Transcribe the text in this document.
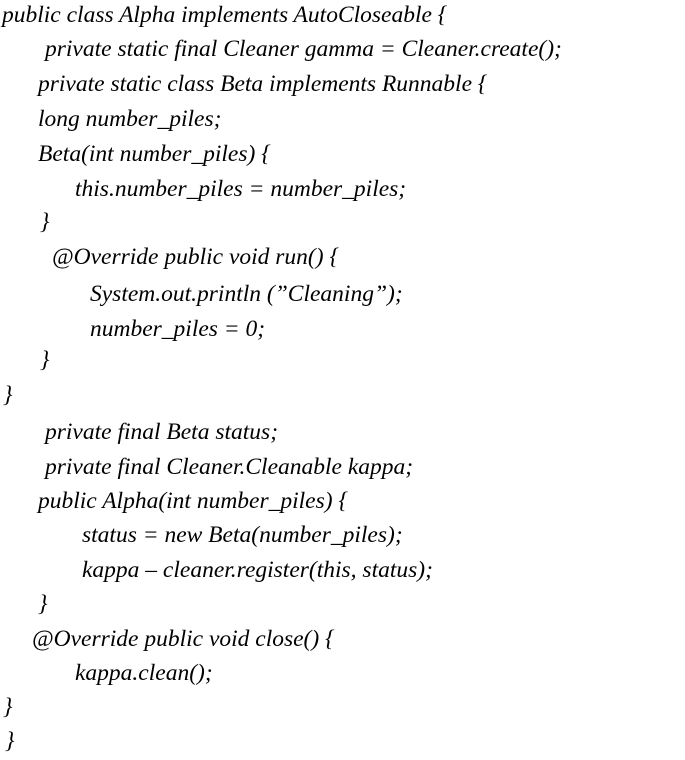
public class Alpha implements AutoCloseable {
private static final Cleaner gamma = Cleaner.create();
private static class Beta implements Runnable {
long number_piles;
Beta(int number_piles) {
this.number_piles = number_piles;
}
@Override public void run() {
System.out.println (”Cleaning”);
number_piles = 0;
}
}
private final Beta status;
private final Cleaner.Cleanable kappa;
public Alpha(int number_piles) {
status = new Beta(number_piles);
kappa – cleaner.register(this, status);
}
@Override public void close() {
kappa.clean();
}
}
